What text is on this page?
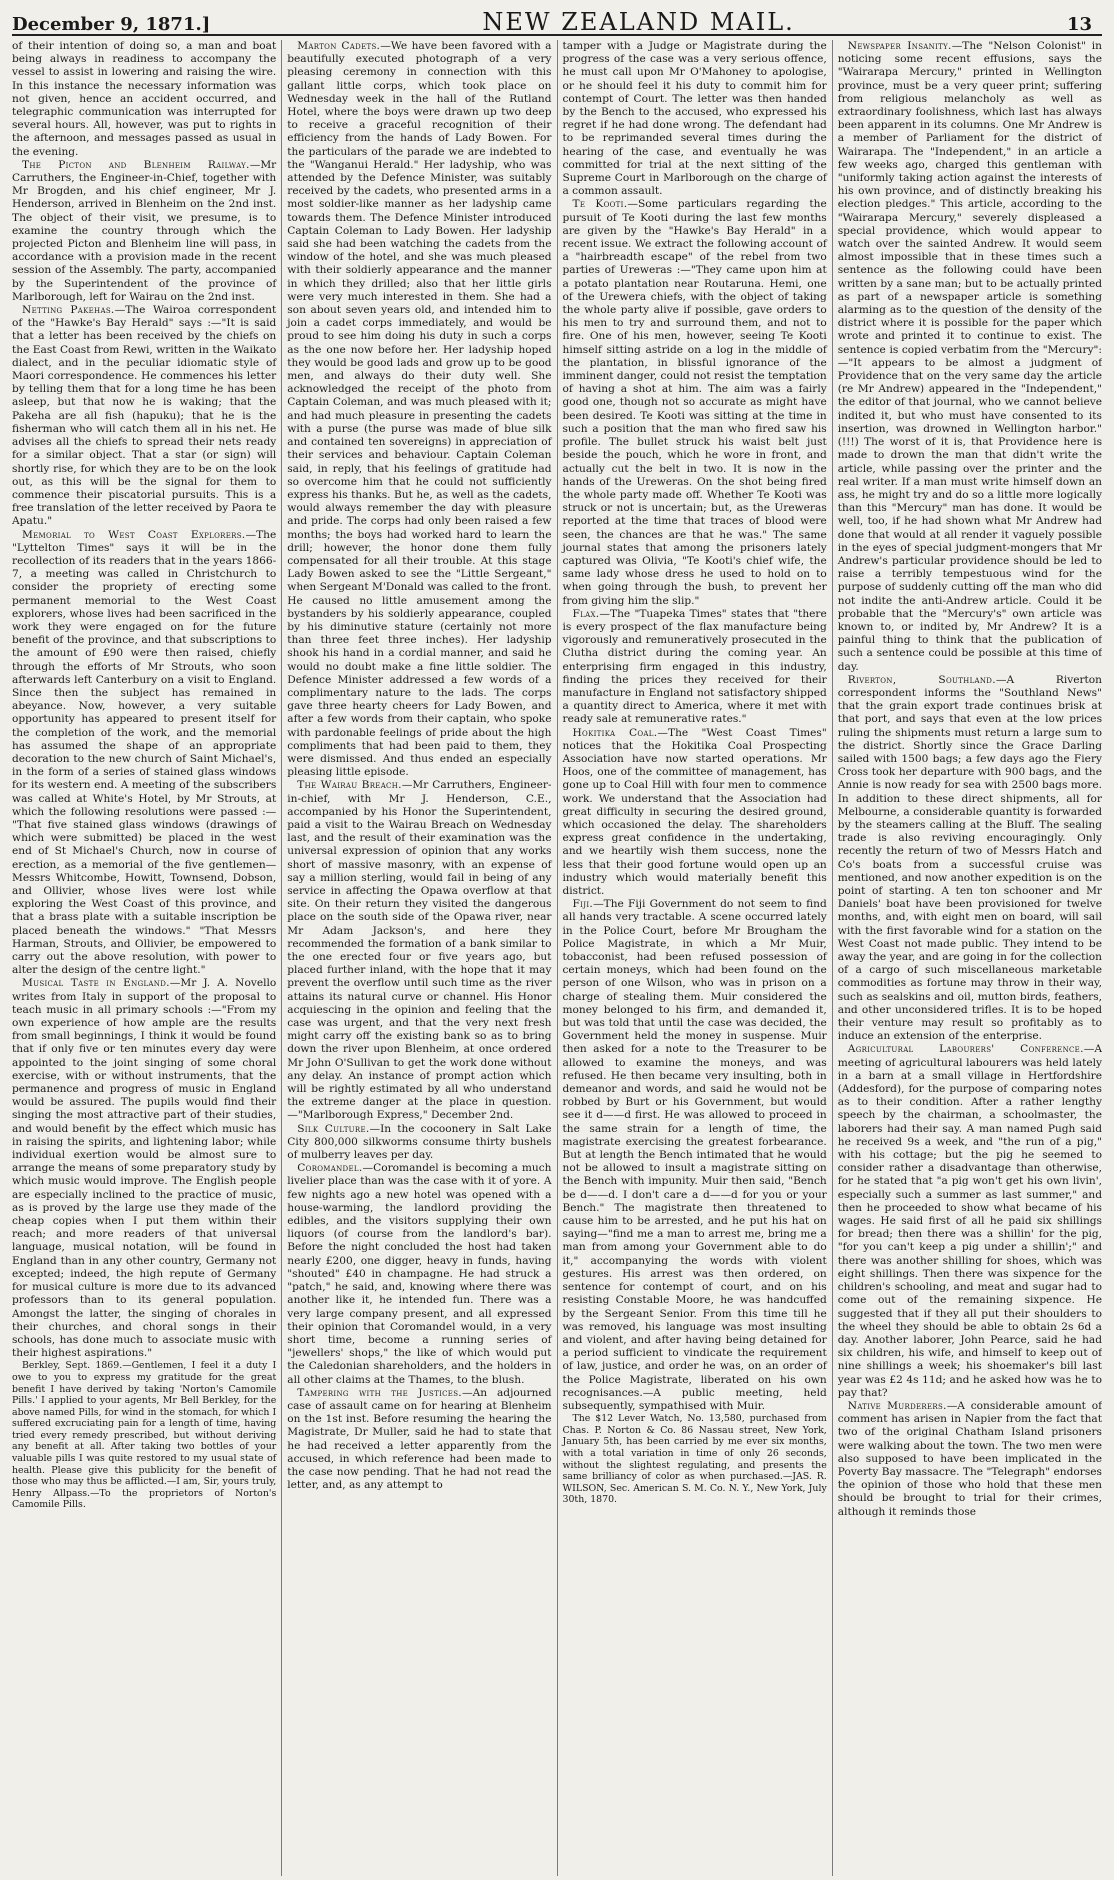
December 9, 1871.]	NEW ZEALAND MAIL.	13

of their intention of doing so, a man and boat being always in readiness to accompany the vessel to assist in lowering and raising the wire. In this instance the necessary information was not given, hence an accident occurred, and telegraphic communication was interrupted for several hours. All, however, was put to rights in the afternoon, and messages passed as usual in the evening.

The Picton and Blenheim Railway.—Mr Carruthers, the Engineer-in-Chief, together with Mr Brogden, and his chief engineer, Mr J. Henderson, arrived in Blenheim on the 2nd inst. The object of their visit, we presume, is to examine the country through which the projected Picton and Blenheim line will pass, in accordance with a provision made in the recent session of the Assembly. The party, accompanied by the Superintendent of the province of Marlborough, left for Wairau on the 2nd inst.

Netting Pakehas.—The Wairoa correspondent of the "Hawke's Bay Herald" says :—"It is said that a letter has been received by the chiefs on the East Coast from Rewi, written in the Waikato dialect, and in the peculiar idiomatic style of Maori correspondence. He commences his letter by telling them that for a long time he has been asleep, but that now he is waking; that the Pakeha are all fish (hapuku); that he is the fisherman who will catch them all in his net. He advises all the chiefs to spread their nets ready for a similar object. That a star (or sign) will shortly rise, for which they are to be on the look out, as this will be the signal for them to commence their piscatorial pursuits. This is a free translation of the letter received by Paora te Apatu."

Memorial to West Coast Explorers.—The "Lyttelton Times" says it will be in the recollection of its readers that in the years 1866-7, a meeting was called in Christchurch to consider the propriety of erecting some permanent memorial to the West Coast explorers, whose lives had been sacrificed in the work they were engaged on for the future benefit of the province, and that subscriptions to the amount of £90 were then raised, chiefly through the efforts of Mr Strouts, who soon afterwards left Canterbury on a visit to England. Since then the subject has remained in abeyance. Now, however, a very suitable opportunity has appeared to present itself for the completion of the work, and the memorial has assumed the shape of an appropriate decoration to the new church of Saint Michael's, in the form of a series of stained glass windows for its western end. A meeting of the subscribers was called at White's Hotel, by Mr Strouts, at which the following resolutions were passed :— "That five stained glass windows (drawings of which were submitted) be placed in the west end of St Michael's Church, now in course of erection, as a memorial of the five gentlemen—Messrs Whitcombe, Howitt, Townsend, Dobson, and Ollivier, whose lives were lost while exploring the West Coast of this province, and that a brass plate with a suitable inscription be placed beneath the windows." "That Messrs Harman, Strouts, and Ollivier, be empowered to carry out the above resolution, with power to alter the design of the centre light."

Musical Taste in England.—Mr J. A. Novello writes from Italy in support of the proposal to teach music in all primary schools :—"From my own experience of how ample are the results from small beginnings, I think it would be found that if only five or ten minutes every day were appointed to the joint singing of some choral exercise, with or without instruments, that the permanence and progress of music in England would be assured. The pupils would find their singing the most attractive part of their studies, and would benefit by the effect which music has in raising the spirits, and lightening labor; while individual exertion would be almost sure to arrange the means of some preparatory study by which music would improve. The English people are especially inclined to the practice of music, as is proved by the large use they made of the cheap copies when I put them within their reach; and more readers of that universal language, musical notation, will be found in England than in any other country, Germany not excepted; indeed, the high repute of Germany for musical culture is more due to its advanced professors than to its general population. Amongst the latter, the singing of chorales in their churches, and choral songs in their schools, has done much to associate music with their highest aspirations."

Berkley, Sept. 1869.—Gentlemen, I feel it a duty I owe to you to express my gratitude for the great benefit I have derived by taking 'Norton's Camomile Pills.' I applied to your agents, Mr Bell Berkley, for the above named Pills, for wind in the stomach, for which I suffered excruciating pain for a length of time, having tried every remedy prescribed, but without deriving any benefit at all. After taking two bottles of your valuable pills I was quite restored to my usual state of health. Please give this publicity for the benefit of those who may thus be afflicted.—I am, Sir, yours truly, Henry Allpass.—To the proprietors of Norton's Camomile Pills.

Marton Cadets.—We have been favored with a beautifully executed photograph of a very pleasing ceremony in connection with this gallant little corps, which took place on Wednesday week in the hall of the Rutland Hotel, where the boys were drawn up two deep to receive a graceful recognition of their efficiency from the hands of Lady Bowen. For the particulars of the parade we are indebted to the "Wanganui Herald." Her ladyship, who was attended by the Defence Minister, was suitably received by the cadets, who presented arms in a most soldier-like manner as her ladyship came towards them. The Defence Minister introduced Captain Coleman to Lady Bowen. Her ladyship said she had been watching the cadets from the window of the hotel, and she was much pleased with their soldierly appearance and the manner in which they drilled; also that her little girls were very much interested in them. She had a son about seven years old, and intended him to join a cadet corps immediately, and would be proud to see him doing his duty in such a corps as the one now before her. Her ladyship hoped they would be good lads and grow up to be good men, and always do their duty well. She acknowledged the receipt of the photo from Captain Coleman, and was much pleased with it; and had much pleasure in presenting the cadets with a purse (the purse was made of blue silk and contained ten sovereigns) in appreciation of their services and behaviour. Captain Coleman said, in reply, that his feelings of gratitude had so overcome him that he could not sufficiently express his thanks. But he, as well as the cadets, would always remember the day with pleasure and pride. The corps had only been raised a few months; the boys had worked hard to learn the drill; however, the honor done them fully compensated for all their trouble. At this stage Lady Bowen asked to see the "Little Sergeant," when Sergeant M'Donald was called to the front. He caused no little amusement among the bystanders by his soldierly appearance, coupled by his diminutive stature (certainly not more than three feet three inches). Her ladyship shook his hand in a cordial manner, and said he would no doubt make a fine little soldier. The Defence Minister addressed a few words of a complimentary nature to the lads. The corps gave three hearty cheers for Lady Bowen, and after a few words from their captain, who spoke with pardonable feelings of pride about the high compliments that had been paid to them, they were dismissed. And thus ended an especially pleasing little episode.

The Wairau Breach.—Mr Carruthers, Engineer-in-chief, with Mr J. Henderson, C.E., accompanied by his Honor the Superintendent, paid a visit to the Wairau Breach on Wednesday last, and the result of their examination was the universal expression of opinion that any works short of massive masonry, with an expense of say a million sterling, would fail in being of any service in affecting the Opawa overflow at that site. On their return they visited the dangerous place on the south side of the Opawa river, near Mr Adam Jackson's, and here they recommended the formation of a bank similar to the one erected four or five years ago, but placed further inland, with the hope that it may prevent the overflow until such time as the river attains its natural curve or channel. His Honor acquiescing in the opinion and feeling that the case was urgent, and that the very next fresh might carry off the existing bank so as to bring down the river upon Blenheim, at once ordered Mr John O'Sullivan to get the work done without any delay. An instance of prompt action which will be rightly estimated by all who understand the extreme danger at the place in question.—"Marlborough Express," December 2nd.

Silk Culture.—In the cocoonery in Salt Lake City 800,000 silkworms consume thirty bushels of mulberry leaves per day.

Coromandel.—Coromandel is becoming a much livelier place than was the case with it of yore. A few nights ago a new hotel was opened with a house-warming, the landlord providing the edibles, and the visitors supplying their own liquors (of course from the landlord's bar). Before the night concluded the host had taken nearly £200, one digger, heavy in funds, having "shouted" £40 in champagne. He had struck a "patch," he said, and, knowing where there was another like it, he intended fun. There was a very large company present, and all expressed their opinion that Coromandel would, in a very short time, become a running series of "jewellers' shops," the like of which would put the Caledonian shareholders, and the holders in all other claims at the Thames, to the blush.

Tampering with the Justices.—An adjourned case of assault came on for hearing at Blenheim on the 1st inst. Before resuming the hearing the Magistrate, Dr Muller, said he had to state that he had received a letter apparently from the accused, in which reference had been made to the case now pending. That he had not read the letter, and, as any attempt to

tamper with a Judge or Magistrate during the progress of the case was a very serious offence, he must call upon Mr O'Mahoney to apologise, or he should feel it his duty to commit him for contempt of Court. The letter was then handed by the Bench to the accused, who expressed his regret if he had done wrong. The defendant had to be reprimanded several times during the hearing of the case, and eventually he was committed for trial at the next sitting of the Supreme Court in Marlborough on the charge of a common assault.

Te Kooti.—Some particulars regarding the pursuit of Te Kooti during the last few months are given by the "Hawke's Bay Herald" in a recent issue. We extract the following account of a "hairbreadth escape" of the rebel from two parties of Ureweras :—"They came upon him at a potato plantation near Routaruna. Hemi, one of the Urewera chiefs, with the object of taking the whole party alive if possible, gave orders to his men to try and surround them, and not to fire. One of his men, however, seeing Te Kooti himself sitting astride on a log in the middle of the plantation, in blissful ignorance of the imminent danger, could not resist the temptation of having a shot at him. The aim was a fairly good one, though not so accurate as might have been desired. Te Kooti was sitting at the time in such a position that the man who fired saw his profile. The bullet struck his waist belt just beside the pouch, which he wore in front, and actually cut the belt in two. It is now in the hands of the Ureweras. On the shot being fired the whole party made off. Whether Te Kooti was struck or not is uncertain; but, as the Ureweras reported at the time that traces of blood were seen, the chances are that he was." The same journal states that among the prisoners lately captured was Olivia, "Te Kooti's chief wife, the same lady whose dress he used to hold on to when going through the bush, to prevent her from giving him the slip."

Flax.—The "Tuapeka Times" states that "there is every prospect of the flax manufacture being vigorously and remuneratively prosecuted in the Clutha district during the coming year. An enterprising firm engaged in this industry, finding the prices they received for their manufacture in England not satisfactory shipped a quantity direct to America, where it met with ready sale at remunerative rates."

Hokitika Coal.—The "West Coast Times" notices that the Hokitika Coal Prospecting Association have now started operations. Mr Hoos, one of the committee of management, has gone up to Coal Hill with four men to commence work. We understand that the Association had great difficulty in securing the desired ground, which occasioned the delay. The shareholders express great confidence in the undertaking, and we heartily wish them success, none the less that their good fortune would open up an industry which would materially benefit this district.

Fiji.—The Fiji Government do not seem to find all hands very tractable. A scene occurred lately in the Police Court, before Mr Brougham the Police Magistrate, in which a Mr Muir, tobacconist, had been refused possession of certain moneys, which had been found on the person of one Wilson, who was in prison on a charge of stealing them. Muir considered the money belonged to his firm, and demanded it, but was told that until the case was decided, the Government held the money in suspense. Muir then asked for a note to the Treasurer to be allowed to examine the moneys, and was refused. He then became very insulting, both in demeanor and words, and said he would not be robbed by Burt or his Government, but would see it d——d first. He was allowed to proceed in the same strain for a length of time, the magistrate exercising the greatest forbearance. But at length the Bench intimated that he would not be allowed to insult a magistrate sitting on the Bench with impunity. Muir then said, "Bench be d——d. I don't care a d——d for you or your Bench." The magistrate then threatened to cause him to be arrested, and he put his hat on saying—"find me a man to arrest me, bring me a man from among your Government able to do it," accompanying the words with violent gestures. His arrest was then ordered, on sentence for contempt of court, and on his resisting Constable Moore, he was handcuffed by the Sergeant Senior. From this time till he was removed, his language was most insulting and violent, and after having being detained for a period sufficient to vindicate the requirement of law, justice, and order he was, on an order of the Police Magistrate, liberated on his own recognisances.—A public meeting, held subsequently, sympathised with Muir.

The $12 Lever Watch, No. 13,580, purchased from Chas. P. Norton & Co. 86 Nassau street, New York, January 5th, has been carried by me ever six months, with a total variation in time of only 26 seconds, without the slightest regulating, and presents the same brilliancy of color as when purchased.—JAS. R. WILSON, Sec. American S. M. Co. N. Y., New York, July 30th, 1870.

Newspaper Insanity.—The "Nelson Colonist" in noticing some recent effusions, says the "Wairarapa Mercury," printed in Wellington province, must be a very queer print; suffering from religious melancholy as well as extraordinary foolishness, which last has always been apparent in its columns. One Mr Andrew is a member of Parliament for the district of Wairarapa. The "Independent," in an article a few weeks ago, charged this gentleman with "uniformly taking action against the interests of his own province, and of distinctly breaking his election pledges." This article, according to the "Wairarapa Mercury," severely displeased a special providence, which would appear to watch over the sainted Andrew. It would seem almost impossible that in these times such a sentence as the following could have been written by a sane man; but to be actually printed as part of a newspaper article is something alarming as to the question of the density of the district where it is possible for the paper which wrote and printed it to continue to exist. The sentence is copied verbatim from the "Mercury":—"It appears to be almost a judgment of Providence that on the very same day the article (re Mr Andrew) appeared in the "Independent," the editor of that journal, who we cannot believe indited it, but who must have consented to its insertion, was drowned in Wellington harbor."(!!!) The worst of it is, that Providence here is made to drown the man that didn't write the article, while passing over the printer and the real writer. If a man must write himself down an ass, he might try and do so a little more logically than this "Mercury" man has done. It would be well, too, if he had shown what Mr Andrew had done that would at all render it vaguely possible in the eyes of special judgment-mongers that Mr Andrew's particular providence should be led to raise a terribly tempestuous wind for the purpose of suddenly cutting off the man who did not indite the anti-Andrew article. Could it be probable that the "Mercury's" own article was known to, or indited by, Mr Andrew? It is a painful thing to think that the publication of such a sentence could be possible at this time of day.

Riverton, Southland.—A Riverton correspondent informs the "Southland News" that the grain export trade continues brisk at that port, and says that even at the low prices ruling the shipments must return a large sum to the district. Shortly since the Grace Darling sailed with 1500 bags; a few days ago the Fiery Cross took her departure with 900 bags, and the Annie is now ready for sea with 2500 bags more. In addition to these direct shipments, all for Melbourne, a considerable quantity is forwarded by the steamers calling at the Bluff. The sealing trade is also reviving encouragingly. Only recently the return of two of Messrs Hatch and Co's boats from a successful cruise was mentioned, and now another expedition is on the point of starting. A ten ton schooner and Mr Daniels' boat have been provisioned for twelve months, and, with eight men on board, will sail with the first favorable wind for a station on the West Coast not made public. They intend to be away the year, and are going in for the collection of a cargo of such miscellaneous marketable commodities as fortune may throw in their way, such as sealskins and oil, mutton birds, feathers, and other unconsidered trifles. It is to be hoped their venture may result so profitably as to induce an extension of the enterprise.

Agricultural Labourers' Conference.—A meeting of agricultural labourers was held lately in a barn at a small village in Hertfordshire (Addesford), for the purpose of comparing notes as to their condition. After a rather lengthy speech by the chairman, a schoolmaster, the laborers had their say. A man named Pugh said he received 9s a week, and "the run of a pig," with his cottage; but the pig he seemed to consider rather a disadvantage than otherwise, for he stated that "a pig won't get his own livin', especially such a summer as last summer," and then he proceeded to show what became of his wages. He said first of all he paid six shillings for bread; then there was a shillin' for the pig, "for you can't keep a pig under a shillin';" and there was another shilling for shoes, which was eight shillings. Then there was sixpence for the children's schooling, and meat and sugar had to come out of the remaining sixpence. He suggested that if they all put their shoulders to the wheel they should be able to obtain 2s 6d a day. Another laborer, John Pearce, said he had six children, his wife, and himself to keep out of nine shillings a week; his shoemaker's bill last year was £2 4s 11d; and he asked how was he to pay that?

Native Murderers.—A considerable amount of comment has arisen in Napier from the fact that two of the original Chatham Island prisoners were walking about the town. The two men were also supposed to have been implicated in the Poverty Bay massacre. The "Telegraph" endorses the opinion of those who hold that these men should be brought to trial for their crimes, although it reminds those
